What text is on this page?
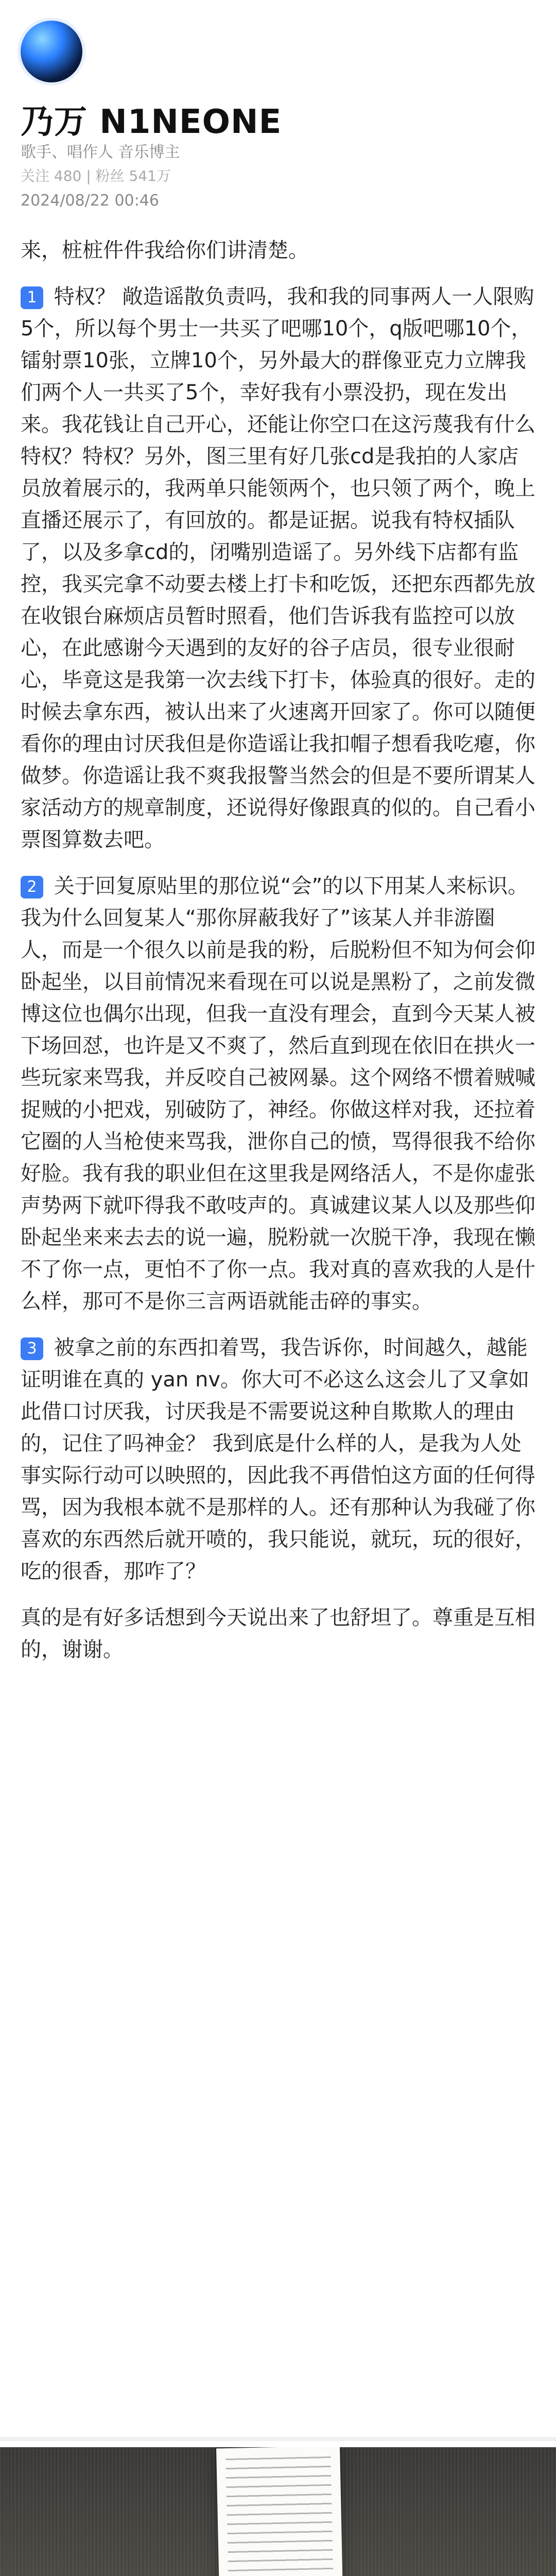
乃万 N1NEONE
歌手、唱作人 音乐博主
关注 480 | 粉丝 541万
2024/08/22 00:46

来，桩桩件件我给你们讲清楚。

1 特权？ 敞造谣散负责吗，我和我的同事两人一人限购5个，所以每个男士一共买了吧哪10个，q版吧哪10个，镭射票10张，立牌10个，另外最大的群像亚克力立牌我们两个人一共买了5个，幸好我有小票没扔，现在发出来。我花钱让自己开心，还能让你空口在这污蔑我有什么特权？特权？另外，图三里有好几张cd是我拍的人家店员放着展示的，我两单只能领两个，也只领了两个，晚上直播还展示了，有回放的。都是证据。说我有特权插队了，以及多拿cd的，闭嘴别造谣了。另外线下店都有监控，我买完拿不动要去楼上打卡和吃饭，还把东西都先放在收银台麻烦店员暂时照看，他们告诉我有监控可以放心，在此感谢今天遇到的友好的谷子店员，很专业很耐心，毕竟这是我第一次去线下打卡，体验真的很好。走的时候去拿东西，被认出来了火速离开回家了。你可以随便看你的理由讨厌我但是你造谣让我扣帽子想看我吃瘪，你做梦。你造谣让我不爽我报警当然会的但是不要所谓某人家活动方的规章制度，还说得好像跟真的似的。自己看小票图算数去吧。

2 关于回复原贴里的那位说“会”的以下用某人来标识。我为什么回复某人“那你屏蔽我好了”该某人并非游圈人，而是一个很久以前是我的粉，后脱粉但不知为何会仰卧起坐，以目前情况来看现在可以说是黑粉了，之前发微博这位也偶尔出现，但我一直没有理会，直到今天某人被下场回怼，也许是又不爽了，然后直到现在依旧在拱火一些玩家来骂我，并反咬自己被网暴。这个网络不惯着贼喊捉贼的小把戏，别破防了，神经。你做这样对我，还拉着它圈的人当枪使来骂我，泄你自己的愤，骂得很我不给你好脸。我有我的职业但在这里我是网络活人，不是你虚张声势两下就吓得我不敢吱声的。真诚建议某人以及那些仰卧起坐来来去去的说一遍，脱粉就一次脱干净，我现在懒不了你一点，更怕不了你一点。我对真的喜欢我的人是什么样，那可不是你三言两语就能击碎的事实。

3 被拿之前的东西扣着骂，我告诉你，时间越久，越能证明谁在真的 yan nv。你大可不必这么这会儿了又拿如此借口讨厌我，讨厌我是不需要说这种自欺欺人的理由的，记住了吗神金？ 我到底是什么样的人，是我为人处事实际行动可以映照的，因此我不再借怕这方面的任何得骂，因为我根本就不是那样的人。还有那种认为我碰了你喜欢的东西然后就开喷的，我只能说，就玩，玩的很好，吃的很香，那咋了？

真的是有好多话想到今天说出来了也舒坦了。尊重是互相的，谢谢。
